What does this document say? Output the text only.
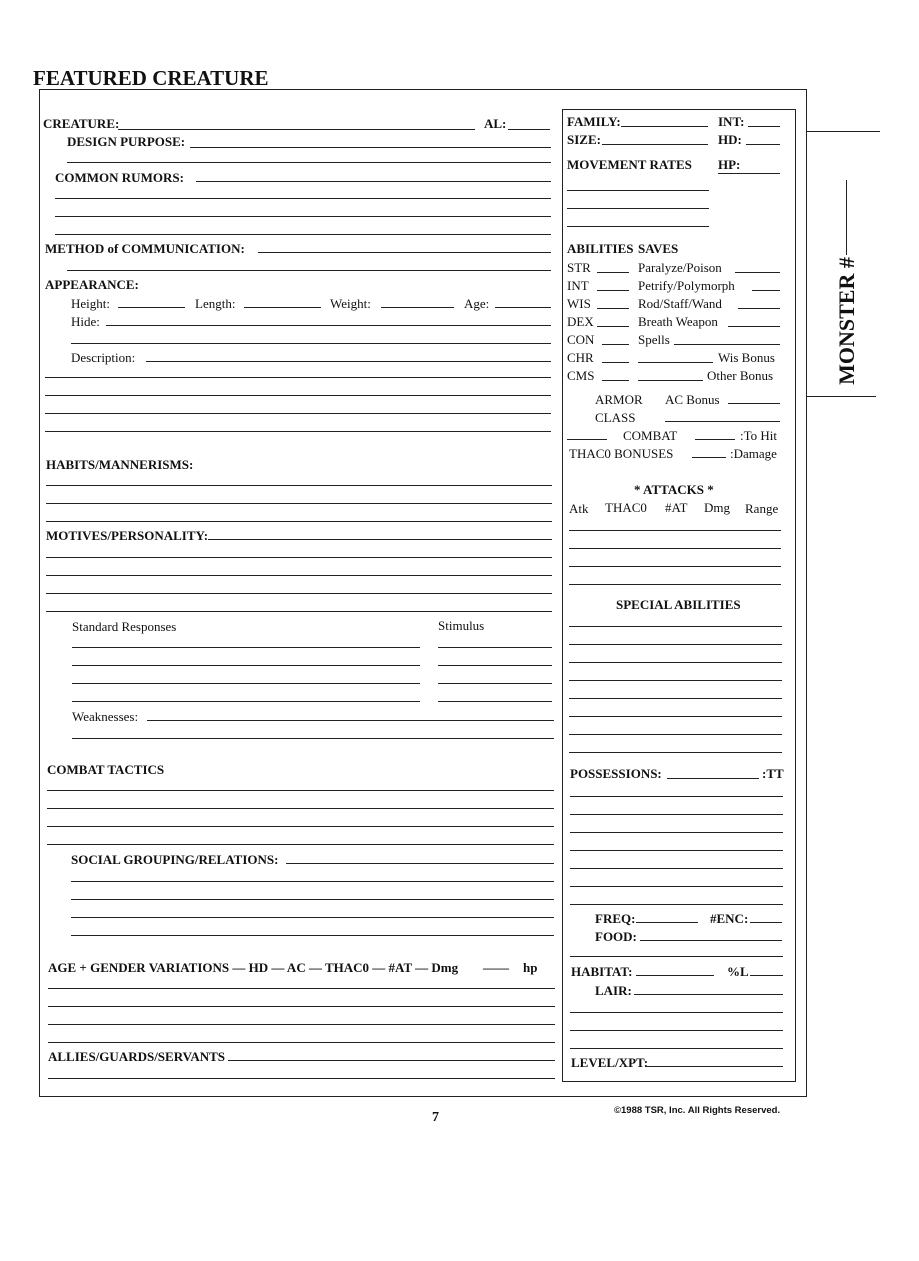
FEATURED CREATURE
MONSTER #
CREATURE:	AL:
DESIGN PURPOSE:
COMMON RUMORS:
METHOD of COMMUNICATION:
APPEARANCE:
Height:	Length:	Weight:	Age:
Hide:
Description:
HABITS/MANNERISMS:
MOTIVES/PERSONALITY:
Standard Responses	Stimulus
Weaknesses:
COMBAT TACTICS
SOCIAL GROUPING/RELATIONS:
AGE + GENDER VARIATIONS — HD — AC — THAC0 — #AT — Dmg —— hp
ALLIES/GUARDS/SERVANTS
FAMILY:	INT:
SIZE:	HD:
MOVEMENT RATES HP:
ABILITIES SAVES
STR	Paralyze/Poison
INT	Petrify/Polymorph
WIS	Rod/Staff/Wand
DEX	Breath Weapon
CON	Spells
CHR	Wis Bonus
CMS	Other Bonus
ARMOR AC Bonus
CLASS
COMBAT	:To Hit
THAC0 BONUSES	:Damage
* ATTACKS *
Atk THAC0 #AT Dmg Range
SPECIAL ABILITIES
POSSESSIONS:	:TT
FREQ:	#ENC:
FOOD:
HABITAT:	%L
LAIR:
LEVEL/XPT:
7	©1988 TSR, Inc. All Rights Reserved.
